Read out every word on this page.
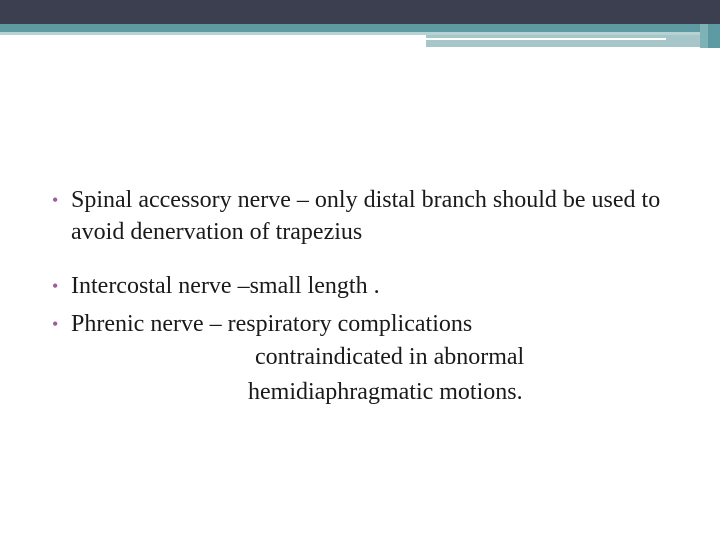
• Spinal accessory nerve – only distal branch should be used to avoid denervation of trapezius
• Intercostal nerve –small length .
• Phrenic nerve – respiratory complications
contraindicated in abnormal
hemidiaphragmatic motions.
